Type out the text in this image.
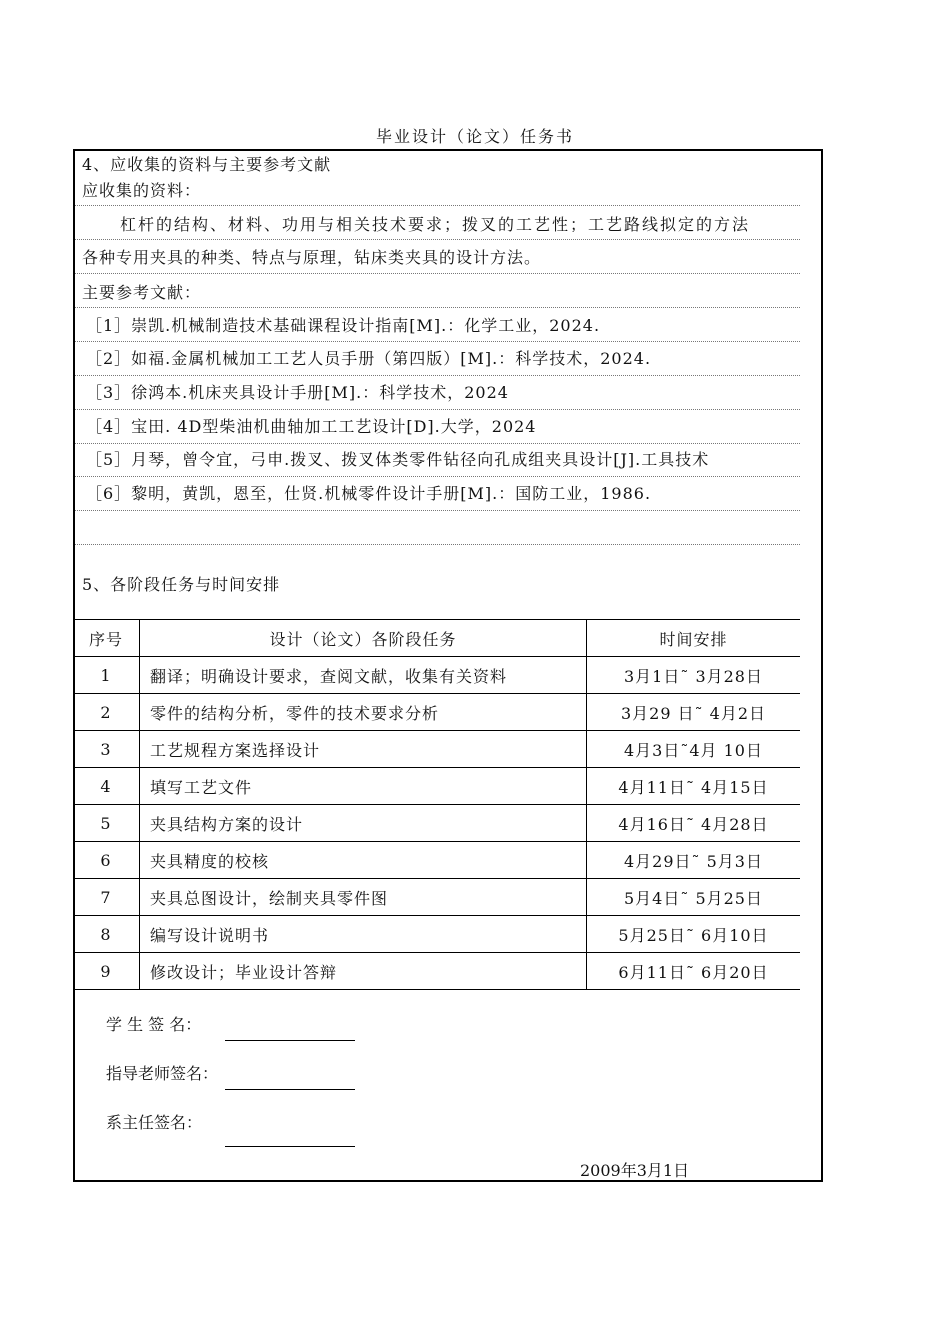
毕业设计（论文）任务书
4、应收集的资料与主要参考文献
应收集的资料：
杠杆的结构、材料、功用与相关技术要求；拨叉的工艺性；工艺路线拟定的方法
各种专用夹具的种类、特点与原理，钻床类夹具的设计方法。
主要参考文献：
［1］崇凯.机械制造技术基础课程设计指南[M].：化学工业，2024.
［2］如福.金属机械加工工艺人员手册（第四版）[M].：科学技术，2024.
［3］徐鸿本.机床夹具设计手册[M].：科学技术，2024
［4］宝田. 4D型柴油机曲轴加工工艺设计[D].大学，2024
［5］月琴，曾令宜，弓申.拨叉、拨叉体类零件钻径向孔成组夹具设计[J].工具技术
［6］黎明，黄凯，恩至，仕贤.机械零件设计手册[M].：国防工业，1986.
5、各阶段任务与时间安排
序号	设计（论文）各阶段任务	时间安排
1	翻译；明确设计要求，查阅文献，收集有关资料	3月1日˜ 3月28日
2	零件的结构分析，零件的技术要求分析	3月29 日˜ 4月2日
3	工艺规程方案选择设计	4月3日˜4月 10日
4	填写工艺文件	4月11日˜ 4月15日
5	夹具结构方案的设计	4月16日˜ 4月28日
6	夹具精度的校核	4月29日˜ 5月3日
7	夹具总图设计，绘制夹具零件图	5月4日˜ 5月25日
8	编写设计说明书	5月25日˜ 6月10日
9	修改设计；毕业设计答辩	6月11日˜ 6月20日
学 生 签 名：
指导老师签名：
系主任签名：
2009年3月1日
